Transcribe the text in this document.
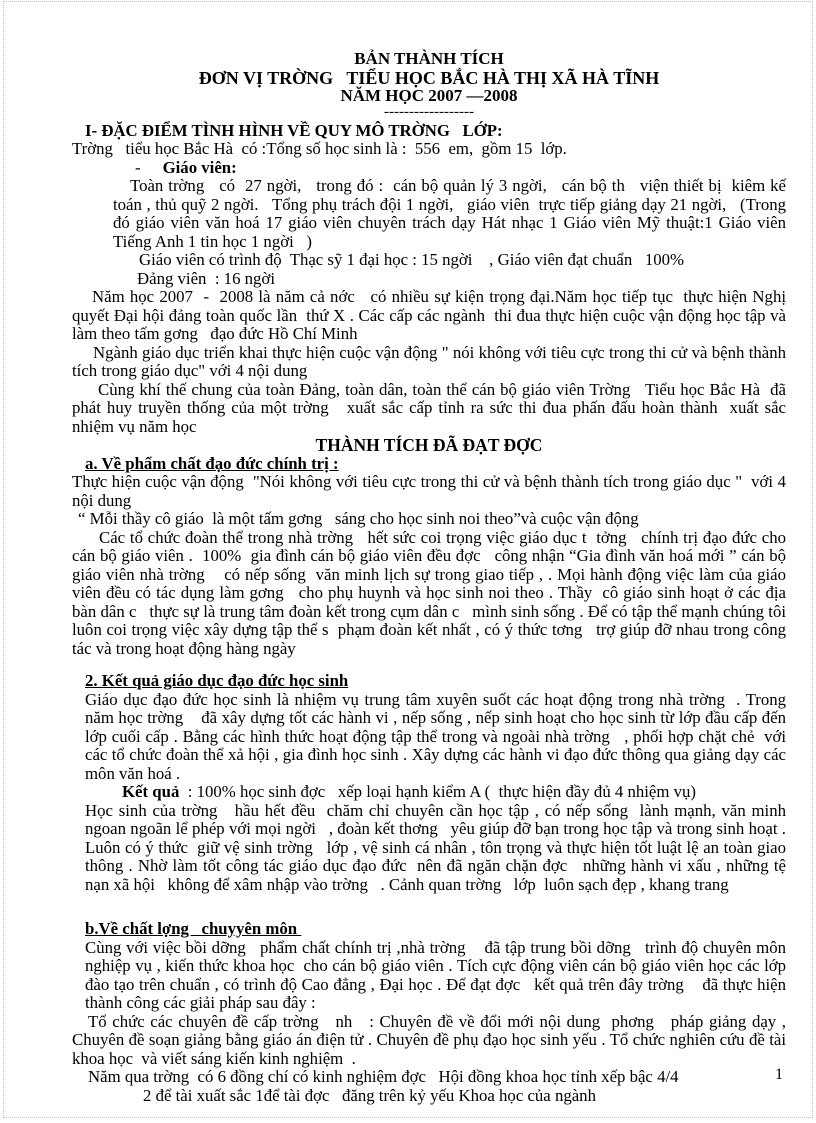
BẢN THÀNH TÍCH

ĐƠN VỊ TRỜNG   TIỂU HỌC BẮC HÀ THỊ XÃ HÀ TĨNH

NĂM HỌC 2007 —2008

------------------

I- ĐẶC ĐIỂM TÌNH HÌNH VỀ QUY MÔ TRỜNG   LỚP:

Trờng   tiểu học Bắc Hà  có :Tổng số học sinh là :  556  em,  gồm 15  lớp.

- Giáo viên:

Toàn trờng   có  27 ngời,   trong đó :  cán bộ quản lý 3 ngời,   cán bộ th   viện thiết bị  kiêm kế toán , thủ quỹ 2 ngời.   Tổng phụ trách đội 1 ngời,   giáo viên  trực tiếp giảng dạy 21 ngời,   (Trong đó giáo viên văn hoá 17 giáo viên chuyên trách dạy Hát nhạc 1 Giáo viên Mỹ thuật:1 Giáo viên Tiếng Anh 1 tin học 1 ngời   )

Giáo viên có trình độ  Thạc sỹ 1 đại học : 15 ngời    , Giáo viên đạt chuẩn   100%

Đảng viên  : 16 ngời

Năm học 2007  -  2008 là năm cả nớc   có nhiều sự kiện trọng đại.Năm học tiếp tục  thực hiện Nghị quyết Đại hội đảng toàn quốc lần  thứ X . Các cấp các ngành  thi đua thực hiện cuộc vận động học tập và làm theo tấm gơng   đạo đức Hồ Chí Minh

Ngành giáo dục triển khai thực hiện cuộc vận động " nói không với tiêu cực trong thi cử và bệnh thành tích trong giáo dục" với 4 nội dung

Cùng khí thế chung của toàn Đảng, toàn dân, toàn thể cán bộ giáo viên Trờng   Tiểu học Bắc Hà  đã phát huy truyền thống của một trờng   xuất sắc cấp tỉnh ra sức thi đua phấn đấu hoàn thành  xuất sắc nhiệm vụ năm học

THÀNH TÍCH ĐÃ ĐẠT ĐỢC

a. Về phẩm chất đạo đức chính trị :

Thực hiện cuộc vận động  "Nói không với tiêu cực trong thi cử và bệnh thành tích trong giáo dục "  với 4 nội dung

“ Mỗi thầy cô giáo  là một tấm gơng   sáng cho học sinh noi theo”và cuộc vận động

Các tổ chức đoàn thể trong nhà trờng   hết sức coi trọng việc giáo dục t  tởng   chính trị đạo đức cho cán bộ giáo viên .  100%  gia đình cán bộ giáo viên đều đợc   công nhận “Gia đình văn hoá mới ” cán bộ giáo viên nhà trờng    có nếp sống  văn minh lịch sự trong giao tiếp , . Mọi hành động việc làm của giáo viên đều có tác dụng làm gơng   cho phụ huynh và học sinh noi theo . Thầy  cô giáo sinh hoạt ở các địa bàn dân c   thực sự là trung tâm đoàn kết trong cụm dân c   mình sinh sống . Để có tập thể mạnh chúng tôi luôn coi trọng việc xây dựng tập thể s  phạm đoàn kết nhất , có ý thức tơng   trợ giúp đỡ nhau trong công tác và trong hoạt động hàng ngày

2. Kết quả giáo dục đạo đức học sinh

Giáo dục đạo đức học sinh là nhiệm vụ trung tâm xuyên suốt các hoạt động trong nhà trờng  . Trong năm học trờng    đã xây dựng tốt các hành vi , nếp sống , nếp sinh hoạt cho học sinh từ lớp đầu cấp đến lớp cuối cấp . Bằng các hình thức hoạt động tập thể trong và ngoài nhà trờng   , phối hợp chặt chẻ  với các tổ chức đoàn thể xả hội , gia đình học sinh . Xây dựng các hành vi đạo đức thông qua giảng dạy các môn văn hoá .

Kết quả  : 100% học sinh đợc   xếp loại hạnh kiểm A (  thực hiện đầy đủ 4 nhiệm vụ)

Học sinh của trờng   hầu hết đều  chăm chỉ chuyên cần học tập , có nếp sống  lành mạnh, văn minh ngoan ngoãn lể phép với mọi ngời   , đoàn kết thơng   yêu giúp đỡ bạn trong học tập và trong sinh hoạt . Luôn có ý thức  giữ vệ sinh trờng   lớp , vệ sinh cá nhân , tôn trọng và thực hiện tốt luật lệ an toàn giao thông . Nhờ làm tốt công tác giáo dục đạo đức  nên đã ngăn chặn đợc   những hành vi xấu , những tệ nạn xã hội   không để xâm nhập vào trờng   . Cảnh quan trờng   lớp  luôn sạch đẹp , khang trang

b.Về chất lợng   chuyyên môn

Cùng với việc bồi dỡng   phẩm chất chính trị ,nhà trờng    đã tập trung bồi dỡng   trình độ chuyên môn nghiệp vụ , kiến thức khoa học  cho cán bộ giáo viên . Tích cực động viên cán bộ giáo viên học các lớp đào tạo trên chuẩn , có trình độ Cao đẳng , Đại học . Để đạt đợc   kết quả trên đây trờng    đã thực hiện thành công các giải pháp sau đây :

Tổ chức các chuyên đề cấp trờng   nh   : Chuyên đề về đổi mới nội dung  phơng   pháp giảng dạy , Chuyên đề soạn giảng bằng giáo án điện tử . Chuyên đề phụ đạo học sinh yếu . Tổ chức nghiên cứu đề tài khoa học  và viết sáng kiến kinh nghiệm  .

Năm qua trờng  có 6 đồng chí có kinh nghiệm đợc   Hội đồng khoa học tỉnh xếp bậc 4/4

2 để tài xuất sắc 1để tài đợc   đăng trên kỷ yếu Khoa học của ngành

1
